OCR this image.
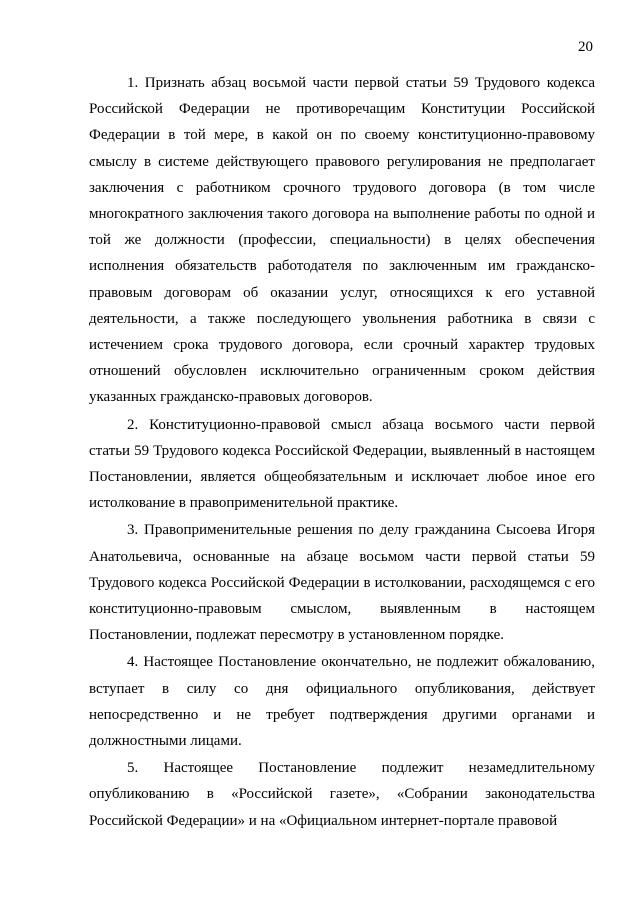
20

1. Признать абзац восьмой части первой статьи 59 Трудового кодекса Российской Федерации не противоречащим Конституции Российской Федерации в той мере, в какой он по своему конституционно-правовому смыслу в системе действующего правового регулирования не предполагает заключения с работником срочного трудового договора (в том числе многократного заключения такого договора на выполнение работы по одной и той же должности (профессии, специальности) в целях обеспечения исполнения обязательств работодателя по заключенным им гражданско-правовым договорам об оказании услуг, относящихся к его уставной деятельности, а также последующего увольнения работника в связи с истечением срока трудового договора, если срочный характер трудовых отношений обусловлен исключительно ограниченным сроком действия указанных гражданско-правовых договоров.

2. Конституционно-правовой смысл абзаца восьмого части первой статьи 59 Трудового кодекса Российской Федерации, выявленный в настоящем Постановлении, является общеобязательным и исключает любое иное его истолкование в правоприменительной практике.

3. Правоприменительные решения по делу гражданина Сысоева Игоря Анатольевича, основанные на абзаце восьмом части первой статьи 59 Трудового кодекса Российской Федерации в истолковании, расходящемся с его конституционно-правовым смыслом, выявленным в настоящем Постановлении, подлежат пересмотру в установленном порядке.

4. Настоящее Постановление окончательно, не подлежит обжалованию, вступает в силу со дня официального опубликования, действует непосредственно и не требует подтверждения другими органами и должностными лицами.

5. Настоящее Постановление подлежит незамедлительному опубликованию в «Российской газете», «Собрании законодательства Российской Федерации» и на «Официальном интернет-портале правовой
